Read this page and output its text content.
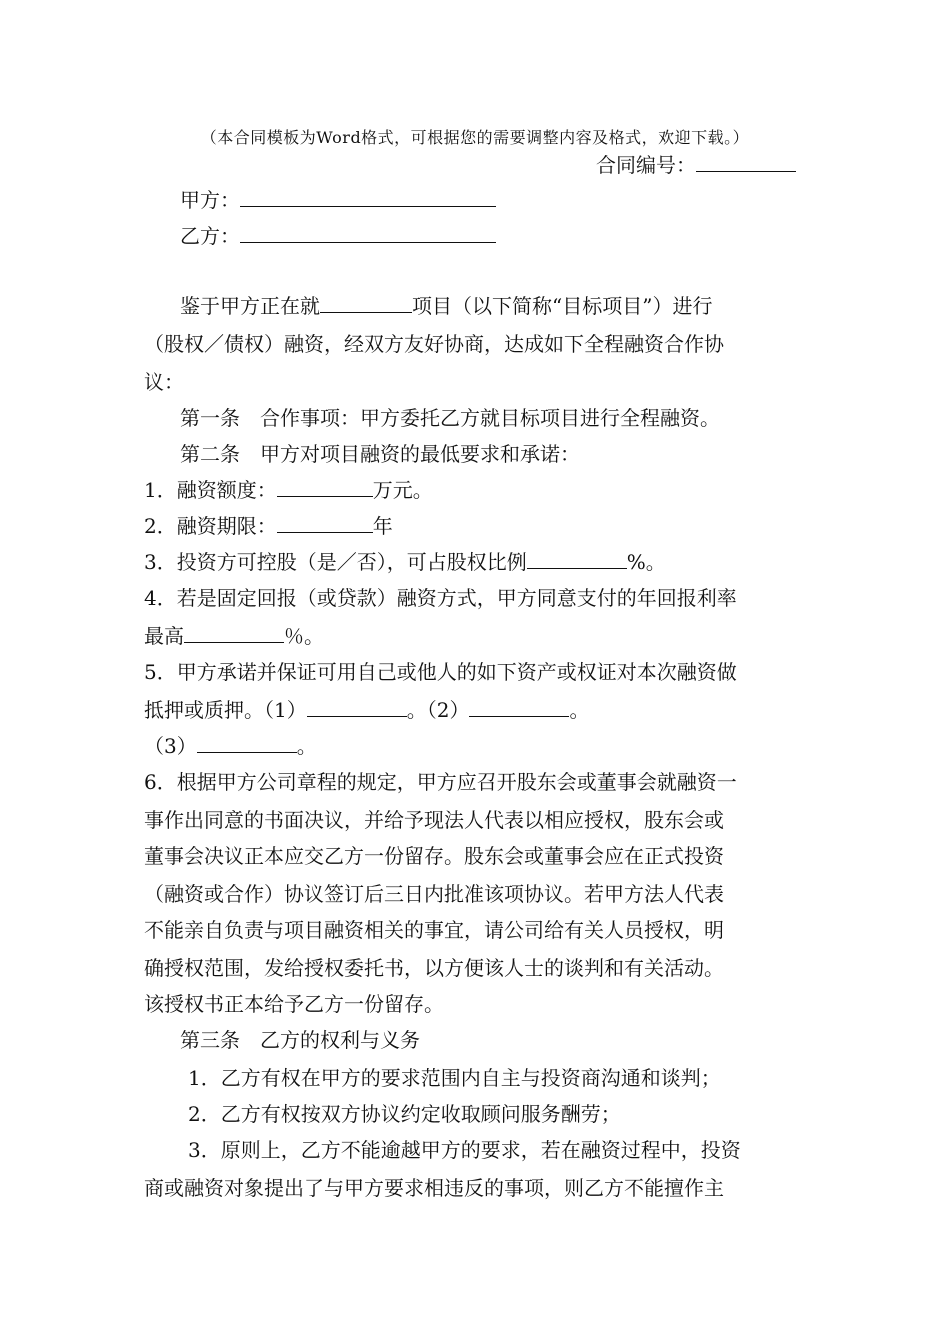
（本合同模板为Word格式，可根据您的需要调整内容及格式，欢迎下载。）
合同编号：
甲方：
乙方：
鉴于甲方正在就	项目（以下简称“目标项目”）进行
（股权／债权）融资，经双方友好协商，达成如下全程融资合作协
议：
第一条　合作事项：甲方委托乙方就目标项目进行全程融资。
第二条　甲方对项目融资的最低要求和承诺：
1．融资额度：	万元。
2．融资期限：	年
3．投资方可控股（是／否），可占股权比例	%。
4．若是固定回报（或贷款）融资方式，甲方同意支付的年回报利率
最高	％。
5．甲方承诺并保证可用自己或他人的如下资产或权证对本次融资做
抵押或质押。（1）	。（2）	。
（3）	。
6．根据甲方公司章程的规定，甲方应召开股东会或董事会就融资一
事作出同意的书面决议，并给予现法人代表以相应授权，股东会或
董事会决议正本应交乙方一份留存。股东会或董事会应在正式投资
（融资或合作）协议签订后三日内批准该项协议。若甲方法人代表
不能亲自负责与项目融资相关的事宜，请公司给有关人员授权，明
确授权范围，发给授权委托书，以方便该人士的谈判和有关活动。
该授权书正本给予乙方一份留存。
第三条　乙方的权利与义务
1．乙方有权在甲方的要求范围内自主与投资商沟通和谈判；
2．乙方有权按双方协议约定收取顾问服务酬劳；
3．原则上，乙方不能逾越甲方的要求，若在融资过程中，投资
商或融资对象提出了与甲方要求相违反的事项，则乙方不能擅作主
